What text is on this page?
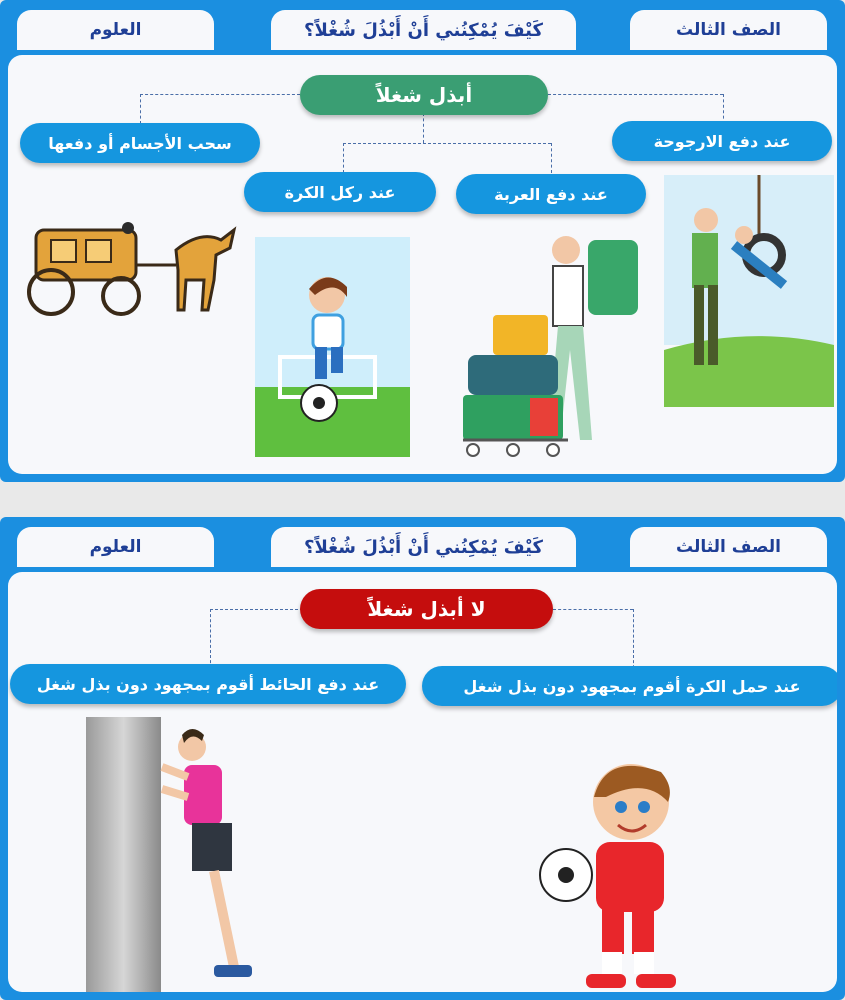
العلوم	كَيْفَ يُمْكِنُني أَنْ أَبْذُلَ شُغْلاً؟	الصف الثالث
أبذل شغلاً
سحب الأجسام أو دفعها	عند دفع الارجوحة
عند ركل الكرة	عند دفع العربة
العلوم	كَيْفَ يُمْكِنُني أَنْ أَبْذُلَ شُغْلاً؟	الصف الثالث
لا أبذل شغلاً
عند دفع الحائط أقوم بمجهود دون بذل شغل	عند حمل الكرة أقوم بمجهود دون بذل شغل
